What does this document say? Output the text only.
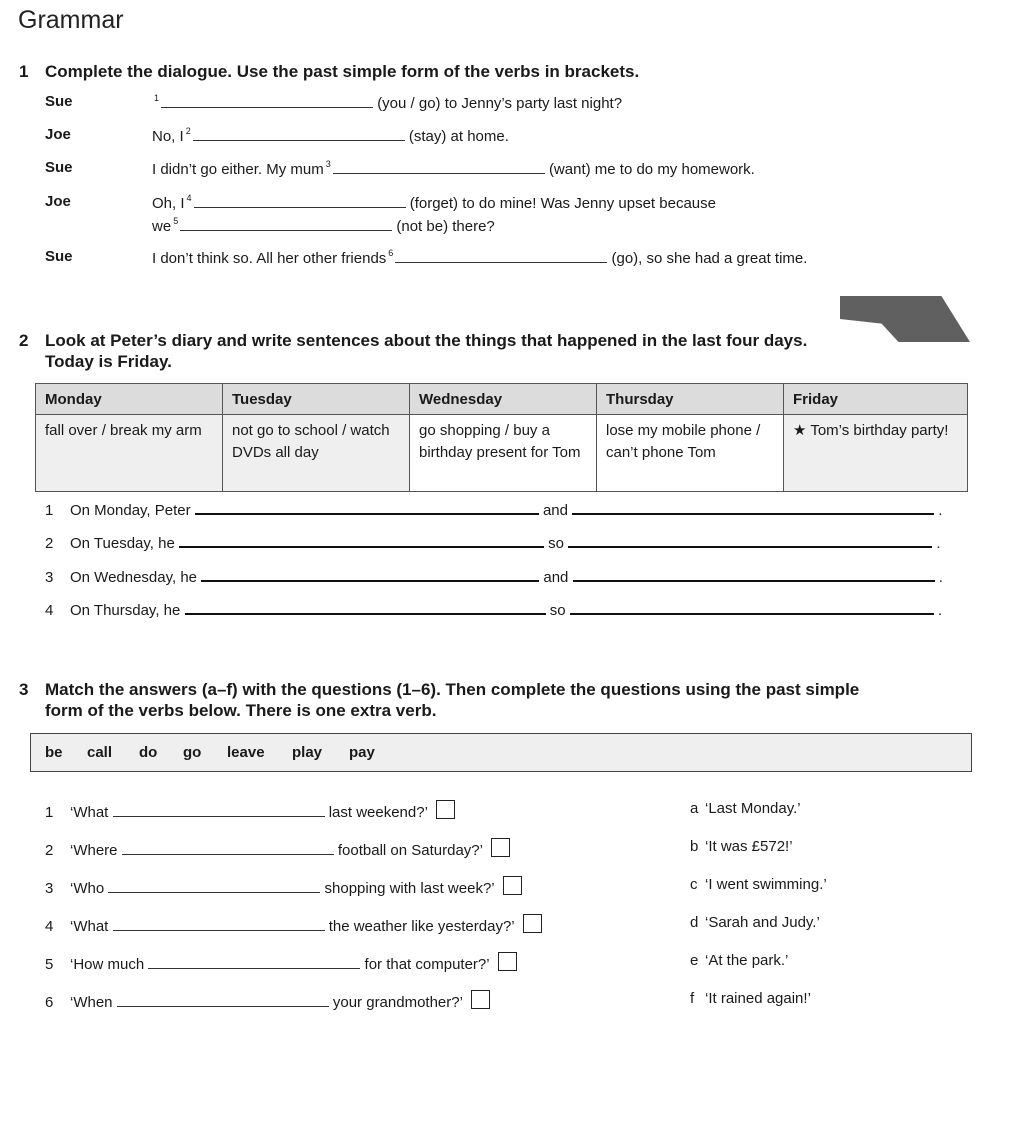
Grammar
1 Complete the dialogue. Use the past simple form of the verbs in brackets.
Sue	$^1$	(you / go) to Jenny’s party last night?
Joe	No, I $^2$	(stay) at home.
Sue	I didn’t go either. My mum $^3$	(want) me to do my homework.
Joe	Oh, I $^4$	(forget) to do mine! Was Jenny upset because
we $^5$	(not be) there?
Sue	I don’t think so. All her other friends $^6$	(go), so she had a great time.
2 Look at Peter’s diary and write sentences about the things that happened in the last four days.
Today is Friday.
Monday	Tuesday	Wednesday	Thursday	Friday
fall over / break my arm	not go to school / watch DVDs all day	go shopping / buy a birthday present for Tom	lose my mobile phone / can’t phone Tom	★ Tom’s birthday party!
1 On Monday, Peter	and	.
2 On Tuesday, he	so	.
3 On Wednesday, he	and	.
4 On Thursday, he	so	.
3 Match the answers (a–f) with the questions (1–6). Then complete the questions using the past simple
form of the verbs below. There is one extra verb.
be call do go leave play pay
1 ‘What	last weekend?’
2 ‘Where	football on Saturday?’
3 ‘Who	shopping with last week?’
4 ‘What	the weather like yesterday?’
5 ‘How much	for that computer?’
6 ‘When	your grandmother?’
a ‘Last Monday.’
b ‘It was £572!’
c ‘I went swimming.’
d ‘Sarah and Judy.’
e ‘At the park.’
f ‘It rained again!’
